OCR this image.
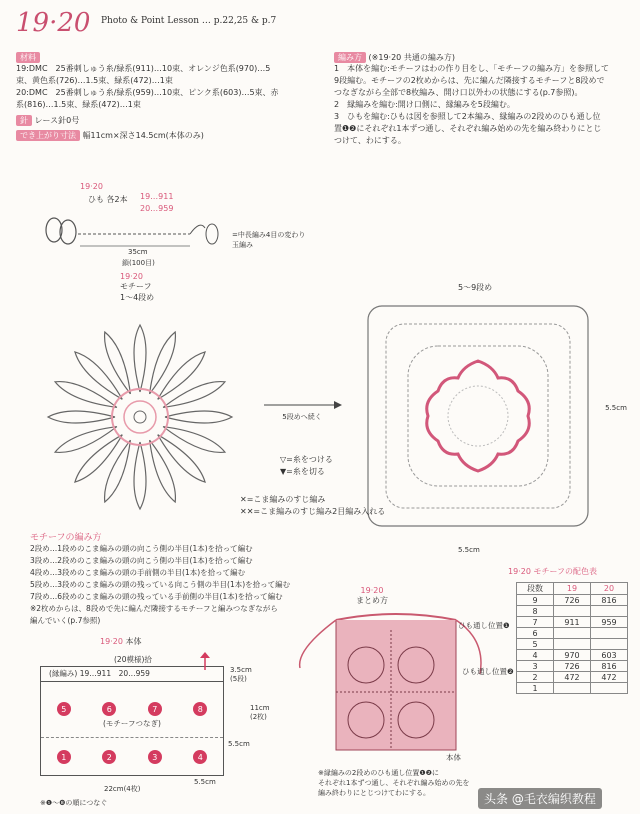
19·20 Photo & Point Lesson … p.22,25 & p.7
材料
19:DMC　25番刺しゅう糸/緑系(911)…10束、オレンジ色系(970)…5
束、黄色系(726)…1.5束、緑系(472)…1束
20:DMC　25番刺しゅう糸/緑系(959)…10束、ピンク系(603)…5束、赤
系(816)…1.5束、緑系(472)…1束
針 レース針0号
でき上がり寸法 幅11cm×深さ14.5cm(本体のみ)
編み方 (※19·20 共通の編み方)
1　本体を編む:モチーフはわの作り目をし、「モチーフの編み方」を参照して
9段編む。モチーフの2枚めからは、先に編んだ隣接するモチーフと8段めで
つなぎながら全部で8枚編み、開け口以外わの状態にする(p.7参照)。
2　縁編みを編む:開け口側に、縁編みを5段編む。
3　ひもを編む:ひもは図を参照して2本編み、縁編みの2段めのひも通し位
置❶❷にそれぞれ1本ずつ通し、それぞれ編み始めの先を編み終わりにとじ
つけて、わにする。
19·20
ひも 各2本 19…911
20…959
35cm
鎖(100目)
=中長編み4目の変わり玉編み
19·20
モチーフ
1～4段め
5段めへ続く
5～9段め
5.5cm
5.5cm
▽=糸をつける
▼=糸を切る
✕=こま編みのすじ編み
✕✕=こま編みのすじ編み2目編み入れる
モチーフの編み方
2段め…1段めのこま編みの頭の向こう側の半目(1本)を拾って編む
3段め…2段めのこま編みの頭の向こう側の半目(1本)を拾って編む
4段め…3段めのこま編みの頭の手前側の半目(1本)を拾って編む
5段め…3段めのこま編みの頭の残っている向こう側の半目(1本)を拾って編む
7段め…6段めのこま編みの頭の残っている手前側の半目(1本)を拾って編む
※2枚めからは、8段めで先に編んだ隣接するモチーフと編みつなぎながら
編んでいく(p.7参照)
19·20 本体
(20模様)拾
(縁編み) 19…911　20…959
5	6	7	8
(モチーフつなぎ)
1	2	3	4
3.5cm
(5段)
11cm
(2枚)
5.5cm
5.5cm
22cm(4枚)
※❶～❽の順につなぐ
19·20
まとめ方
ひも通し位置❶
ひも通し位置❷
本体
※縁編みの2段めのひも通し位置❶❷に
それぞれ1本ずつ通し、それぞれ編み始めの先を
編み終わりにとじつけてわにする。
19·20 モチーフの配色表
段数	19	20
9	726	816
8		
7	911	959
6		
5		
4	970	603
3	726	816
2	472	472
1		
头条 @毛衣编织教程
